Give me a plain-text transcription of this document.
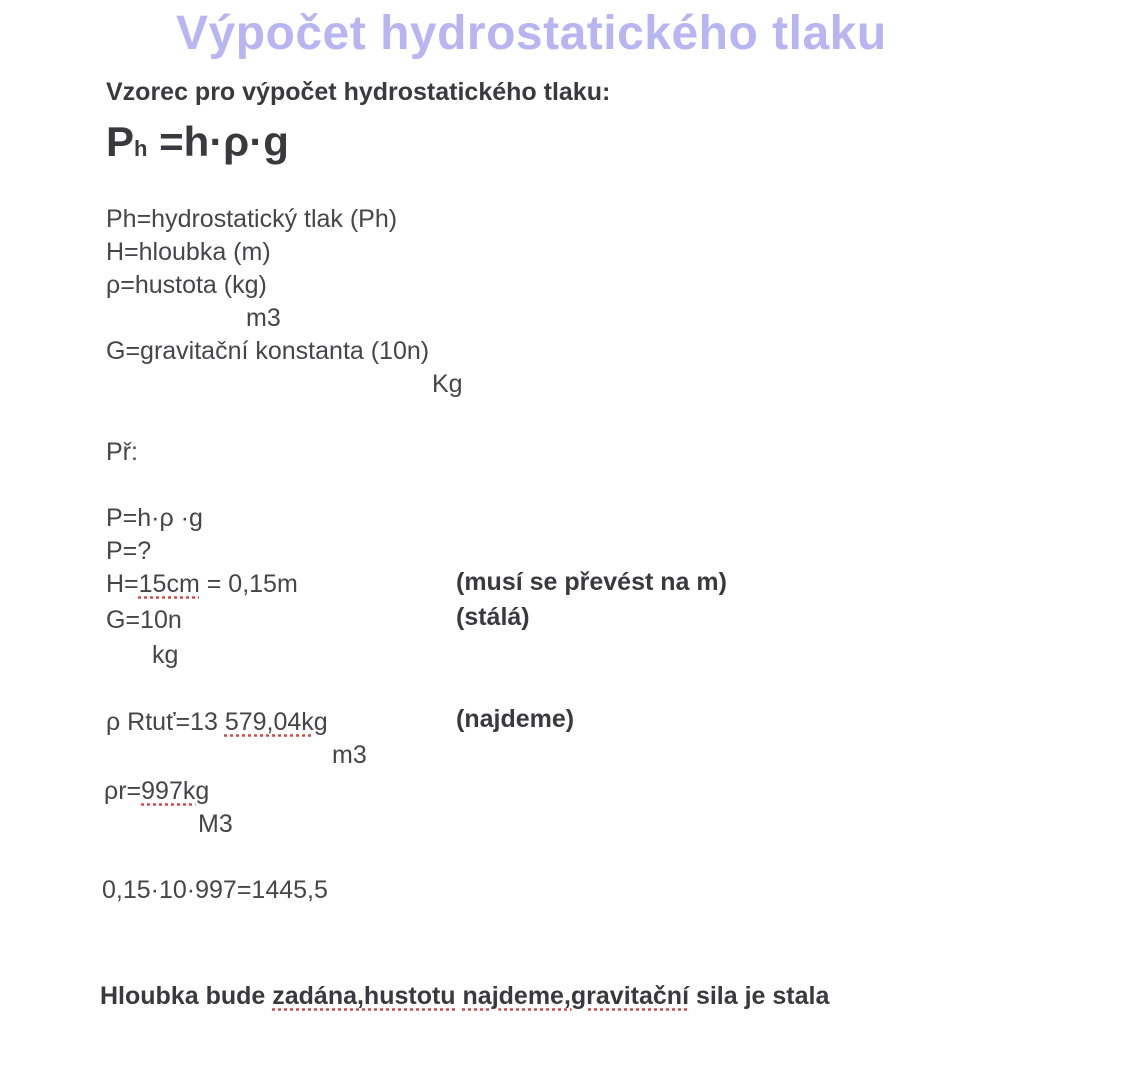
Výpočet hydrostatického tlaku
Vzorec pro výpočet hydrostatického tlaku:
Ph =h·ρ·g
Ph=hydrostatický tlak (Ph)
H=hloubka (m)
ρ=hustota (kg)
m3
G=gravitační konstanta (10n)
Kg
Př:
P=h·ρ ·g
P=?
H=15cm = 0,15m	(musí se převést na m)
G=10n	(stálá)
kg
ρ Rtuť=13 579,04kg	(najdeme)
m3
ρr=997kg
M3
0,15·10·997=1445,5
Hloubka bude zadána,hustotu najdeme,gravitační sila je stala
